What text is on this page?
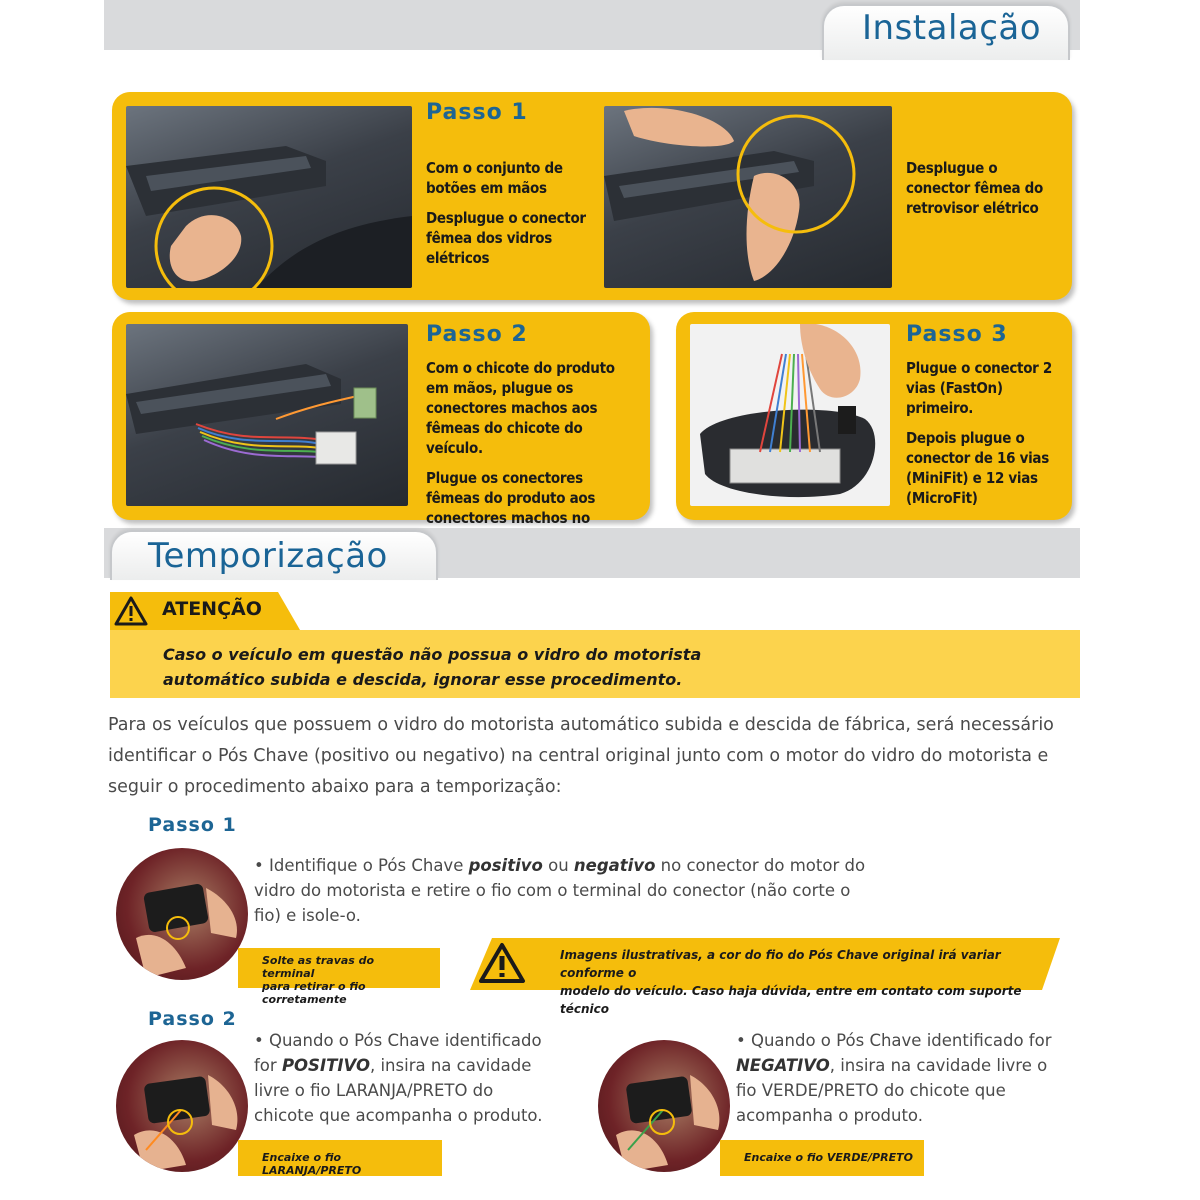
Instalação
Passo 1

Com o conjunto de botões em mãos

Desplugue o conector fêmea dos vidros elétricos

Desplugue o conector fêmea do retrovisor elétrico
Passo 2

Com o chicote do produto em mãos, plugue os conectores machos aos fêmeas do chicote do veículo.

Plugue os conectores fêmeas do produto aos conectores machos no

Passo 3

Plugue o conector 2 vias (FastOn) primeiro.

Depois plugue o conector de 16 vias (MiniFit) e 12 vias (MicroFit)

Temporização
ATENÇÃO
Caso o veículo em questão não possua o vidro do motorista
automático subida e descida, ignorar esse procedimento.
Para os veículos que possuem o vidro do motorista automático subida e descida de fábrica, será necessário identificar o Pós Chave (positivo ou negativo) na central original junto com o motor do vidro do motorista e seguir o procedimento abaixo para a temporização:
Passo 1
• Identifique o Pós Chave positivo ou negativo no conector do motor do vidro do motorista e retire o fio com o terminal do conector (não corte o fio) e isole-o.
Solte as travas do terminal
para retirar o fio corretamente
Imagens ilustrativas, a cor do fio do Pós Chave original irá variar conforme o
modelo do veículo. Caso haja dúvida, entre em contato com suporte técnico
Passo 2
• Quando o Pós Chave identificado for POSITIVO, insira na cavidade livre o fio LARANJA/PRETO do chicote que acompanha o produto.
Encaixe o fio LARANJA/PRETO
• Quando o Pós Chave identificado for NEGATIVO, insira na cavidade livre o fio VERDE/PRETO do chicote que acompanha o produto.
Encaixe o fio VERDE/PRETO
